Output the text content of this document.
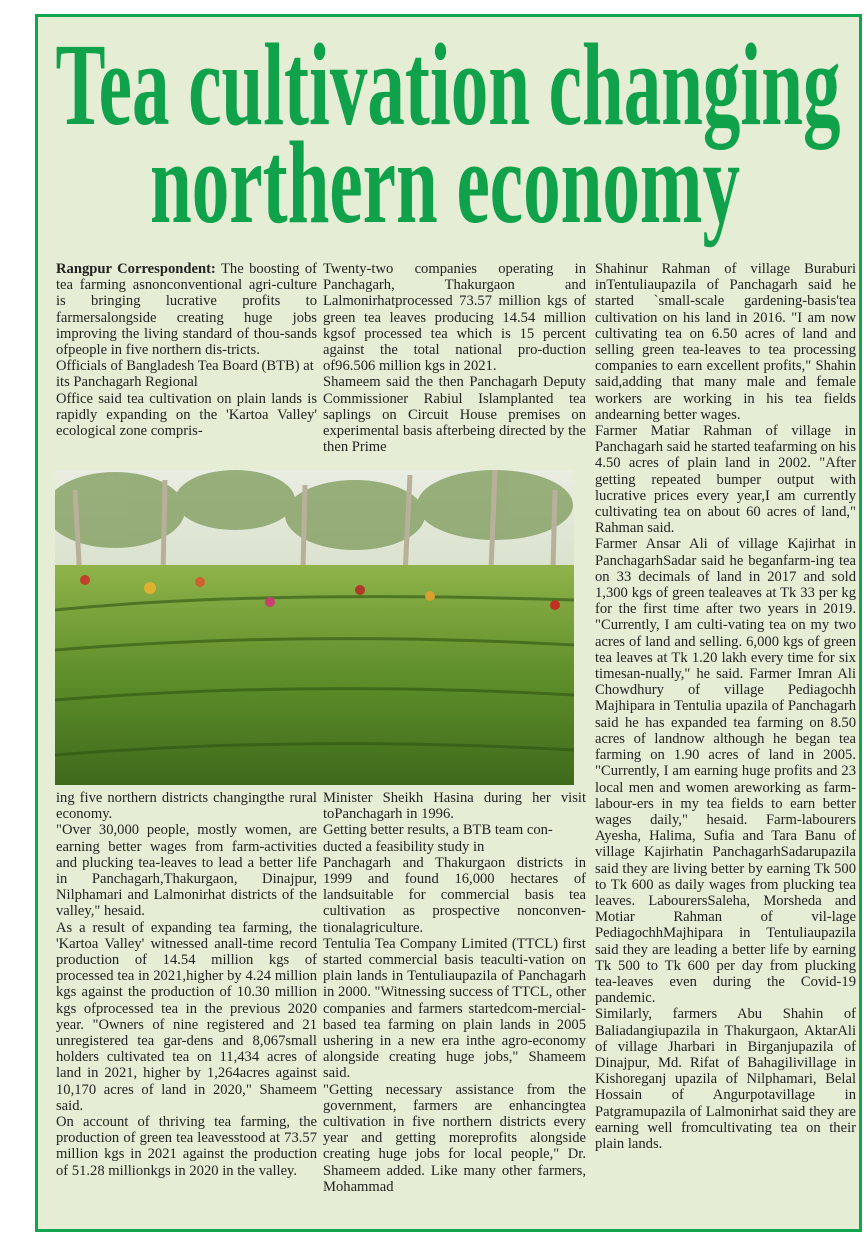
Tea cultivation changing
northern economy

Rangpur Correspondent: The boosting of tea farming asnonconventional agri-culture is bringing lucrative profits to farmersalongside creating huge jobs improving the living standard of thou-sands ofpeople in five northern dis-tricts.

Officials of Bangladesh Tea Board (BTB) at its Panchagarh Regional

Office said tea cultivation on plain lands is rapidly expanding on the 'Kartoa Valley' ecological zone compris-

Twenty-two companies operating in Panchagarh, Thakurgaon and Lalmonirhatprocessed 73.57 million kgs of green tea leaves producing 14.54 million kgsof processed tea which is 15 percent against the total national pro-duction of96.506 million kgs in 2021.

Shameem said the then Panchagarh Deputy Commissioner Rabiul Islamplanted tea saplings on Circuit House premises on experimental basis afterbeing directed by the then Prime

ing five northern districts changingthe rural economy.

"Over 30,000 people, mostly women, are earning better wages from farm-activities and plucking tea-leaves to lead a better life in Panchagarh,Thakurgaon, Dinajpur, Nilphamari and Lalmonirhat districts of the valley," hesaid.

As a result of expanding tea farming, the 'Kartoa Valley' witnessed anall-time record production of 14.54 million kgs of processed tea in 2021,higher by 4.24 million kgs against the production of 10.30 million kgs ofprocessed tea in the previous 2020 year. "Owners of nine registered and 21 unregistered tea gar-dens and 8,067small holders cultivated tea on 11,434 acres of land in 2021, higher by 1,264acres against 10,170 acres of land in 2020," Shameem said.

On account of thriving tea farming, the production of green tea leavesstood at 73.57 million kgs in 2021 against the production of 51.28 millionkgs in 2020 in the valley.

Minister Sheikh Hasina during her visit toPanchagarh in 1996.

Getting better results, a BTB team con-ducted a feasibility study in

Panchagarh and Thakurgaon districts in 1999 and found 16,000 hectares of landsuitable for commercial basis tea cultivation as prospective nonconven-tionalagriculture.

Tentulia Tea Company Limited (TTCL) first started commercial basis teaculti-vation on plain lands in Tentuliaupazila of Panchagarh in 2000. "Witnessing success of TTCL, other companies and farmers startedcom-mercial-based tea farming on plain lands in 2005 ushering in a new era inthe agro-economy alongside creating huge jobs," Shameem said.

"Getting necessary assistance from the government, farmers are enhancingtea cultivation in five northern districts every year and getting moreprofits alongside creating huge jobs for local people," Dr. Shameem added. Like many other farmers, Mohammad

Shahinur Rahman of village Buraburi inTentuliaupazila of Panchagarh said he started `small-scale gardening-basis'tea cultivation on his land in 2016. "I am now cultivating tea on 6.50 acres of land and selling green tea-leaves to tea processing companies to earn excellent profits," Shahin said,adding that many male and female workers are working in his tea fields andearning better wages.

Farmer Matiar Rahman of village in Panchagarh said he started teafarming on his 4.50 acres of plain land in 2002. "After getting repeated bumper output with lucrative prices every year,I am currently cultivating tea on about 60 acres of land," Rahman said.

Farmer Ansar Ali of village Kajirhat in PanchagarhSadar said he beganfarm-ing tea on 33 decimals of land in 2017 and sold 1,300 kgs of green tealeaves at Tk 33 per kg for the first time after two years in 2019. "Currently, I am culti-vating tea on my two acres of land and selling. 6,000 kgs of green tea leaves at Tk 1.20 lakh every time for six timesan-nually," he said. Farmer Imran Ali Chowdhury of village Pediagochh Majhipara in Tentulia upazila of Panchagarh said he has expanded tea farming on 8.50 acres of landnow although he began tea farming on 1.90 acres of land in 2005. "Currently, I am earning huge profits and 23 local men and women areworking as farm-labour-ers in my tea fields to earn better wages daily," hesaid. Farm-labourers Ayesha, Halima, Sufia and Tara Banu of village Kajirhatin PanchagarhSadarupazila said they are living better by earning Tk 500 to Tk 600 as daily wages from plucking tea leaves. LabourersSaleha, Morsheda and Motiar Rahman of vil-lage PediagochhMajhipara in Tentuliaupazila said they are leading a better life by earning Tk 500 to Tk 600 per day from plucking tea-leaves even during the Covid-19 pandemic.

Similarly, farmers Abu Shahin of Baliadangiupazila in Thakurgaon, AktarAli of village Jharbari in Birganjupazila of Dinajpur, Md. Rifat of Bahagilivillage in Kishoreganj upazila of Nilphamari, Belal Hossain of Angurpotavillage in Patgramupazila of Lalmonirhat said they are earning well fromcultivating tea on their plain lands.
